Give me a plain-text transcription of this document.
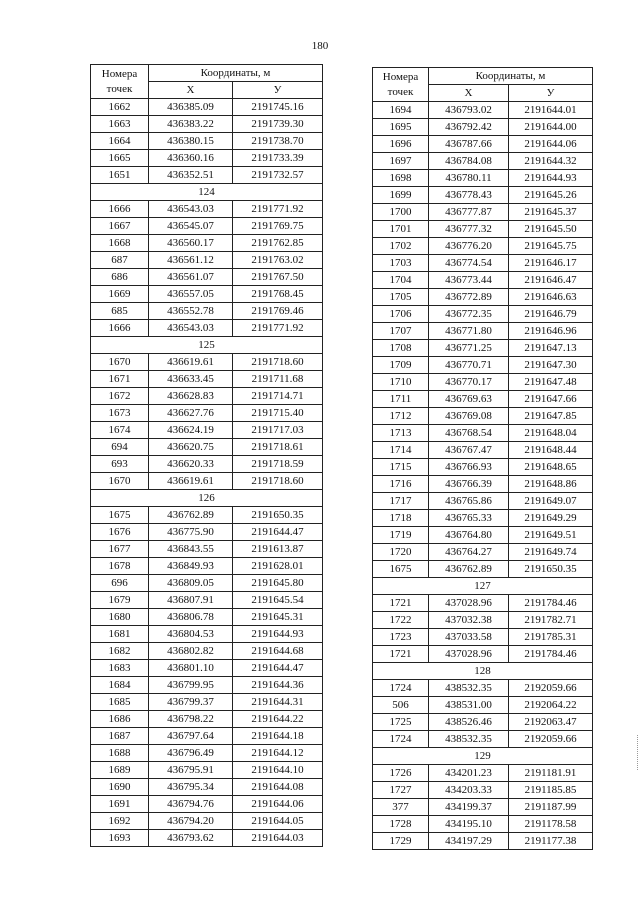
180
Номера
точек	Координаты, м	
	Х	У
1662	436385.09	2191745.16
1663	436383.22	2191739.30
1664	436380.15	2191738.70
1665	436360.16	2191733.39
1651	436352.51	2191732.57
124		
1666	436543.03	2191771.92
1667	436545.07	2191769.75
1668	436560.17	2191762.85
687	436561.12	2191763.02
686	436561.07	2191767.50
1669	436557.05	2191768.45
685	436552.78	2191769.46
1666	436543.03	2191771.92
125		
1670	436619.61	2191718.60
1671	436633.45	2191711.68
1672	436628.83	2191714.71
1673	436627.76	2191715.40
1674	436624.19	2191717.03
694	436620.75	2191718.61
693	436620.33	2191718.59
1670	436619.61	2191718.60
126		
1675	436762.89	2191650.35
1676	436775.90	2191644.47
1677	436843.55	2191613.87
1678	436849.93	2191628.01
696	436809.05	2191645.80
1679	436807.91	2191645.54
1680	436806.78	2191645.31
1681	436804.53	2191644.93
1682	436802.82	2191644.68
1683	436801.10	2191644.47
1684	436799.95	2191644.36
1685	436799.37	2191644.31
1686	436798.22	2191644.22
1687	436797.64	2191644.18
1688	436796.49	2191644.12
1689	436795.91	2191644.10
1690	436795.34	2191644.08
1691	436794.76	2191644.06
1692	436794.20	2191644.05
1693	436793.62	2191644.03
Номера
точек	Координаты, м	
	Х	У
1694	436793.02	2191644.01
1695	436792.42	2191644.00
1696	436787.66	2191644.06
1697	436784.08	2191644.32
1698	436780.11	2191644.93
1699	436778.43	2191645.26
1700	436777.87	2191645.37
1701	436777.32	2191645.50
1702	436776.20	2191645.75
1703	436774.54	2191646.17
1704	436773.44	2191646.47
1705	436772.89	2191646.63
1706	436772.35	2191646.79
1707	436771.80	2191646.96
1708	436771.25	2191647.13
1709	436770.71	2191647.30
1710	436770.17	2191647.48
1711	436769.63	2191647.66
1712	436769.08	2191647.85
1713	436768.54	2191648.04
1714	436767.47	2191648.44
1715	436766.93	2191648.65
1716	436766.39	2191648.86
1717	436765.86	2191649.07
1718	436765.33	2191649.29
1719	436764.80	2191649.51
1720	436764.27	2191649.74
1675	436762.89	2191650.35
127		
1721	437028.96	2191784.46
1722	437032.38	2191782.71
1723	437033.58	2191785.31
1721	437028.96	2191784.46
128		
1724	438532.35	2192059.66
506	438531.00	2192064.22
1725	438526.46	2192063.47
1724	438532.35	2192059.66
129		
1726	434201.23	2191181.91
1727	434203.33	2191185.85
377	434199.37	2191187.99
1728	434195.10	2191178.58
1729	434197.29	2191177.38
